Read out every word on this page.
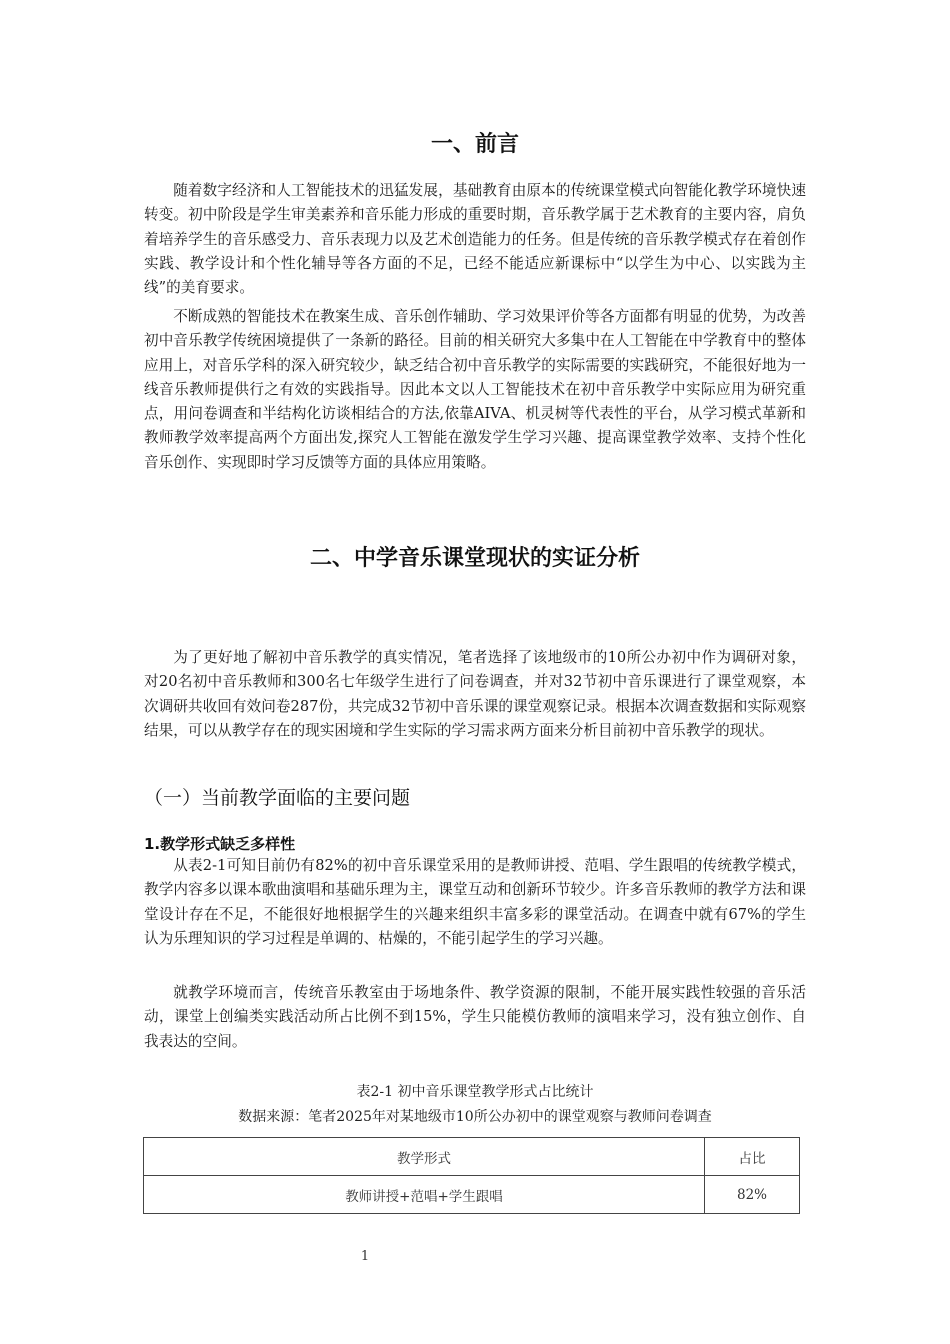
一、前言

随着数字经济和人工智能技术的迅猛发展，基础教育由原本的传统课堂模式向智能化教学环境快速转变。初中阶段是学生审美素养和音乐能力形成的重要时期，音乐教学属于艺术教育的主要内容，肩负着培养学生的音乐感受力、音乐表现力以及艺术创造能力的任务。但是传统的音乐教学模式存在着创作实践、教学设计和个性化辅导等各方面的不足，已经不能适应新课标中“以学生为中心、以实践为主线”的美育要求。

不断成熟的智能技术在教案生成、音乐创作辅助、学习效果评价等各方面都有明显的优势，为改善初中音乐教学传统困境提供了一条新的路径。目前的相关研究大多集中在人工智能在中学教育中的整体应用上，对音乐学科的深入研究较少，缺乏结合初中音乐教学的实际需要的实践研究，不能很好地为一线音乐教师提供行之有效的实践指导。因此本文以人工智能技术在初中音乐教学中实际应用为研究重点，用问卷调查和半结构化访谈相结合的方法,依靠AIVA、机灵树等代表性的平台，从学习模式革新和教师教学效率提高两个方面出发,探究人工智能在激发学生学习兴趣、提高课堂教学效率、支持个性化音乐创作、实现即时学习反馈等方面的具体应用策略。

二、中学音乐课堂现状的实证分析

为了更好地了解初中音乐教学的真实情况，笔者选择了该地级市的10所公办初中作为调研对象，对20名初中音乐教师和300名七年级学生进行了问卷调查，并对32节初中音乐课进行了课堂观察，本次调研共收回有效问卷287份，共完成32节初中音乐课的课堂观察记录。根据本次调查数据和实际观察结果，可以从教学存在的现实困境和学生实际的学习需求两方面来分析目前初中音乐教学的现状。

（一）当前教学面临的主要问题
1.教学形式缺乏多样性

从表2-1可知目前仍有82%的初中音乐课堂采用的是教师讲授、范唱、学生跟唱的传统教学模式，教学内容多以课本歌曲演唱和基础乐理为主，课堂互动和创新环节较少。许多音乐教师的教学方法和课堂设计存在不足，不能很好地根据学生的兴趣来组织丰富多彩的课堂活动。在调查中就有67%的学生认为乐理知识的学习过程是单调的、枯燥的，不能引起学生的学习兴趣。

就教学环境而言，传统音乐教室由于场地条件、教学资源的限制，不能开展实践性较强的音乐活动，课堂上创编类实践活动所占比例不到15%，学生只能模仿教师的演唱来学习，没有独立创作、自我表达的空间。

表2-1 初中音乐课堂教学形式占比统计

数据来源：笔者2025年对某地级市10所公办初中的课堂观察与教师问卷调查

教学形式	占比
教师讲授+范唱+学生跟唱	82%
1
